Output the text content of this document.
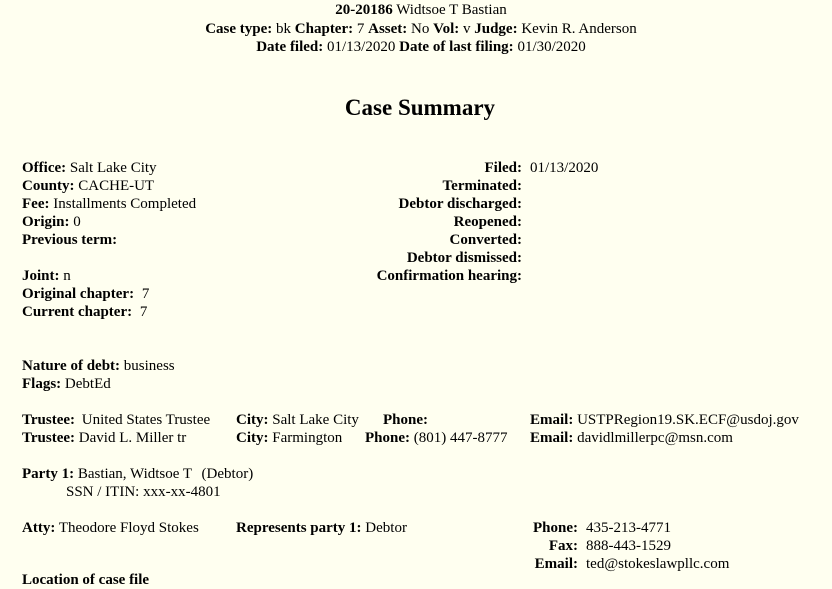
20-20186 Widtsoe T Bastian
Case type: bk Chapter: 7 Asset: No Vol: v Judge: Kevin R. Anderson
Date filed: 01/13/2020 Date of last filing: 01/30/2020
Case Summary
Office: Salt Lake City
County: CACHE-UT
Fee: Installments Completed
Origin: 0
Previous term:
Joint: n
Original chapter: 7
Current chapter: 7
Nature of debt: business
Flags: DebtEd
Filed: 01/13/2020
Terminated:
Debtor discharged:
Reopened:
Converted:
Debtor dismissed:
Confirmation hearing:
Trustee: United States Trustee City: Salt Lake City Phone:	Email: USTPRegion19.SK.ECF@usdoj.gov
Trustee: David L. Miller tr	City: Farmington Phone: (801) 447-8777 Email: davidlmillerpc@msn.com
Party 1: Bastian, Widtsoe T (Debtor)
SSN / ITIN: xxx-xx-4801
Atty: Theodore Floyd Stokes Represents party 1: Debtor	Phone: 435-213-4771
Fax: 888-443-1529
Email: ted@stokeslawpllc.com
Location of case file
